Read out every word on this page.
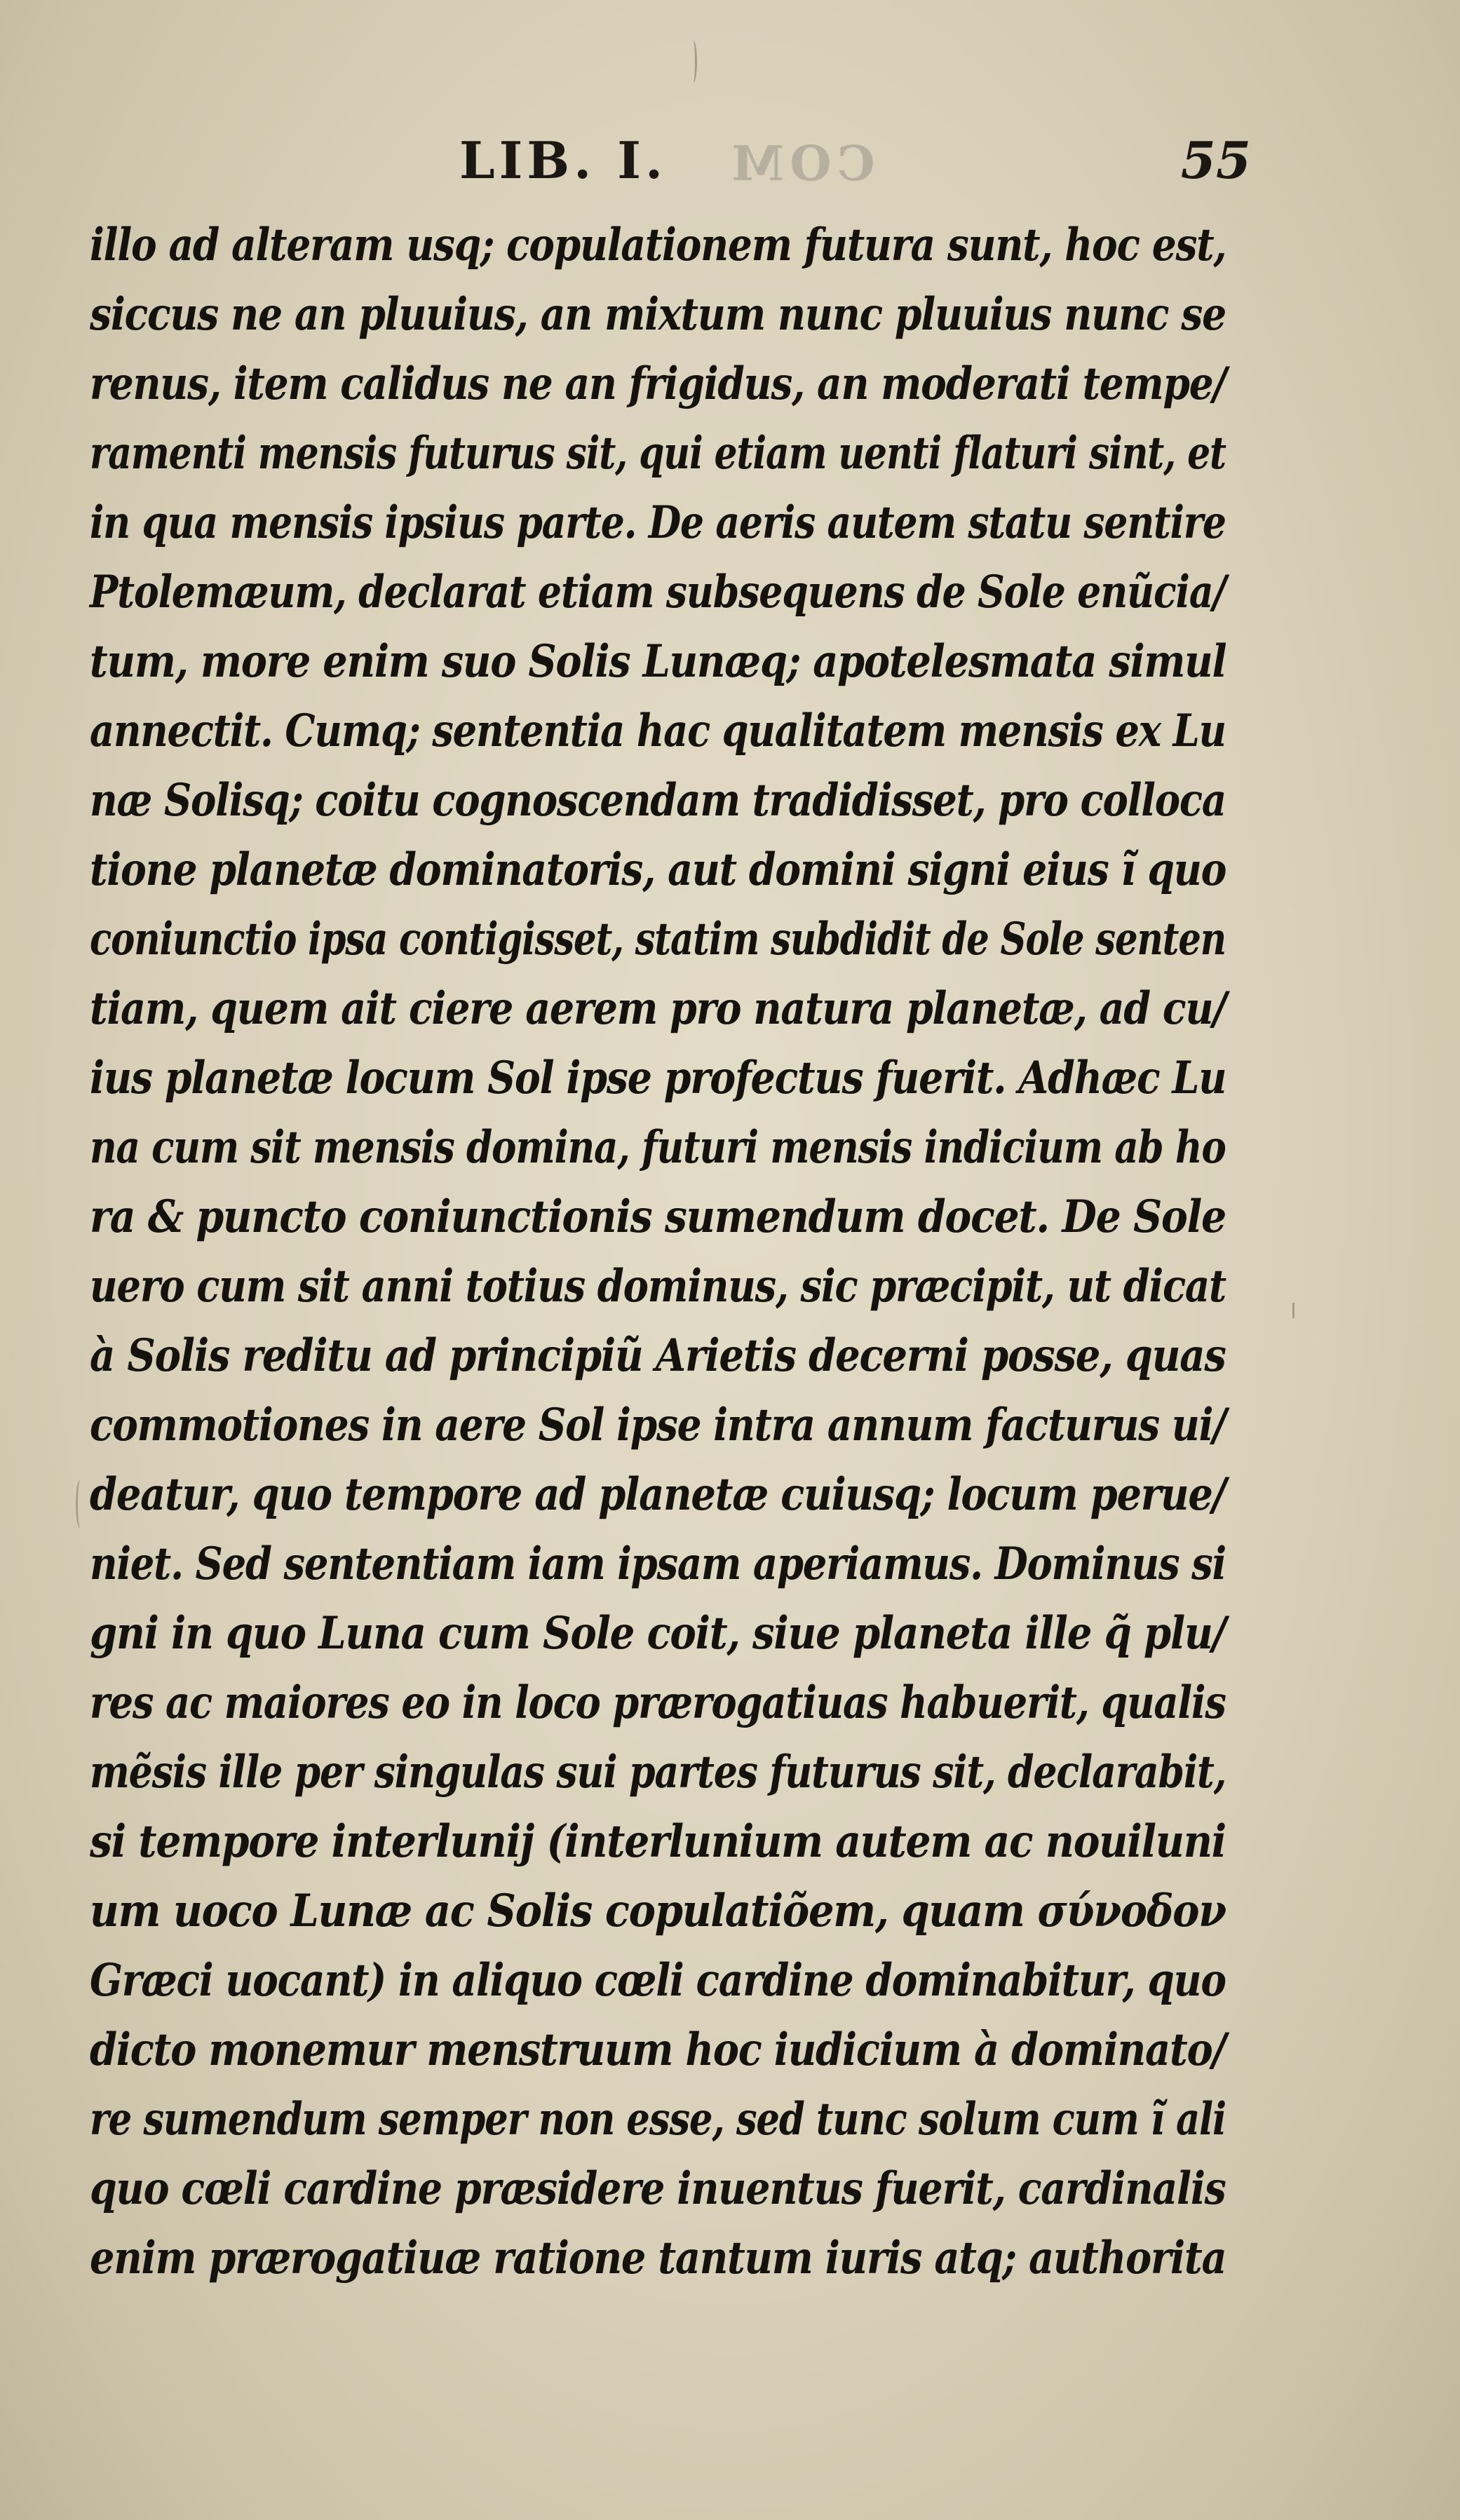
LIB. I. COM	55
illo ad alteram usq; copulationem futura sunt, hoc est,
siccus ne an pluuius, an mixtum nunc pluuius nunc se
renus, item calidus ne an frigidus, an moderati tempe/
ramenti mensis futurus sit, qui etiam uenti flaturi sint, et
in qua mensis ipsius parte. De aeris autem statu sentire
Ptolemæum, declarat etiam subsequens de Sole enũcia/
tum, more enim suo Solis Lunæq; apotelesmata simul
annectit. Cumq; sententia hac qualitatem mensis ex Lu
næ Solisq; coitu cognoscendam tradidisset, pro colloca
tione planetæ dominatoris, aut domini signi eius ĩ quo
coniunctio ipsa contigisset, statim subdidit de Sole senten
tiam, quem ait ciere aerem pro natura planetæ, ad cu/
ius planetæ locum Sol ipse profectus fuerit. Adhæc Lu
na cum sit mensis domina, futuri mensis indicium ab ho
ra & puncto coniunctionis sumendum docet. De Sole
uero cum sit anni totius dominus, sic præcipit, ut dicat
à Solis reditu ad principiũ Arietis decerni posse, quas
commotiones in aere Sol ipse intra annum facturus ui/
deatur, quo tempore ad planetæ cuiusq; locum perue/
niet. Sed sententiam iam ipsam aperiamus. Dominus si
gni in quo Luna cum Sole coit, siue planeta ille q̃ plu/
res ac maiores eo in loco prærogatiuas habuerit, qualis
mẽsis ille per singulas sui partes futurus sit, declarabit,
si tempore interlunij (interlunium autem ac nouiluni
um uoco Lunæ ac Solis copulatiõem, quam σύνοδον
Græci uocant) in aliquo cœli cardine dominabitur, quo
dicto monemur menstruum hoc iudicium à dominato/
re sumendum semper non esse, sed tunc solum cum ĩ ali
quo cœli cardine præsidere inuentus fuerit, cardinalis
enim prærogatiuæ ratione tantum iuris atq; authorita
